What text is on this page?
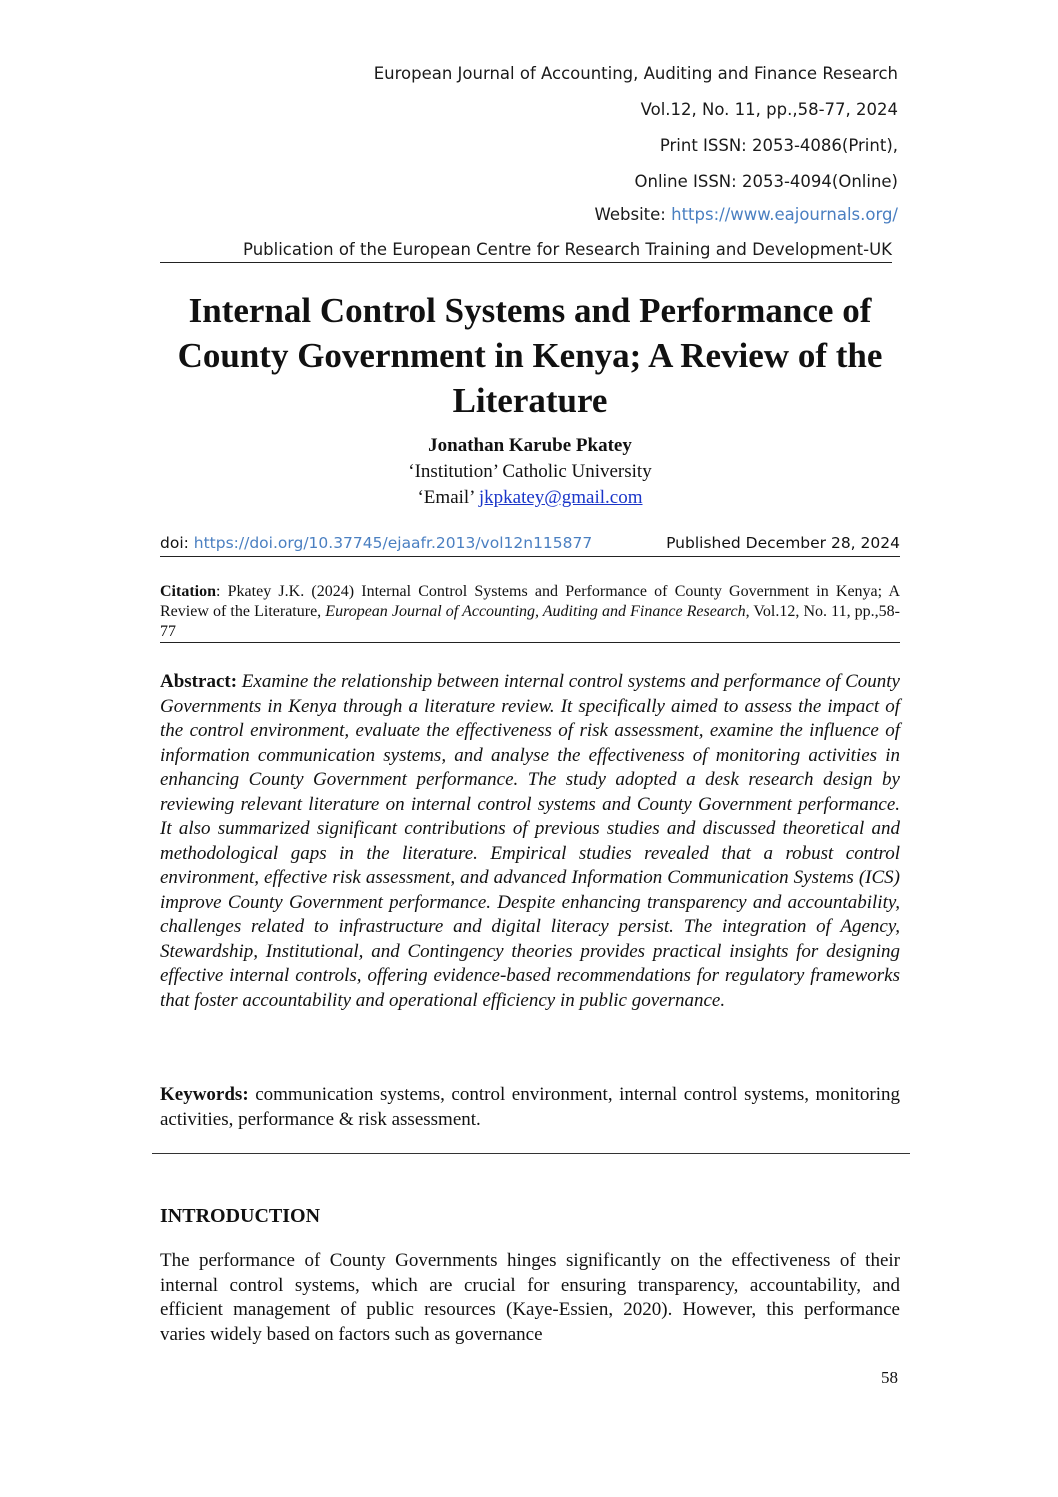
European Journal of Accounting, Auditing and Finance Research
Vol.12, No. 11, pp.,58-77, 2024
Print ISSN: 2053-4086(Print),
Online ISSN: 2053-4094(Online)
Website: https://www.eajournals.org/
Publication of the European Centre for Research Training and Development-UK
Internal Control Systems and Performance of
County Government in Kenya; A Review of the
Literature
Jonathan Karube Pkatey
‘Institution’ Catholic University
‘Email’ jkpkatey@gmail.com
doi: https://doi.org/10.37745/ejaafr.2013/vol12n115877	Published December 28, 2024
Citation: Pkatey J.K. (2024) Internal Control Systems and Performance of County Government in Kenya; A Review of the Literature, European Journal of Accounting, Auditing and Finance Research, Vol.12, No. 11, pp.,58-77
Abstract: Examine the relationship between internal control systems and performance of County Governments in Kenya through a literature review. It specifically aimed to assess the impact of the control environment, evaluate the effectiveness of risk assessment, examine the influence of information communication systems, and analyse the effectiveness of monitoring activities in enhancing County Government performance. The study adopted a desk research design by reviewing relevant literature on internal control systems and County Government performance. It also summarized significant contributions of previous studies and discussed theoretical and methodological gaps in the literature. Empirical studies revealed that a robust control environment, effective risk assessment, and advanced Information Communication Systems (ICS) improve County Government performance. Despite enhancing transparency and accountability, challenges related to infrastructure and digital literacy persist. The integration of Agency, Stewardship, Institutional, and Contingency theories provides practical insights for designing effective internal controls, offering evidence-based recommendations for regulatory frameworks that foster accountability and operational efficiency in public governance.
Keywords: communication systems, control environment, internal control systems, monitoring activities, performance & risk assessment.
INTRODUCTION
The performance of County Governments hinges significantly on the effectiveness of their internal control systems, which are crucial for ensuring transparency, accountability, and efficient management of public resources (Kaye-Essien, 2020). However, this performance varies widely based on factors such as governance
58
